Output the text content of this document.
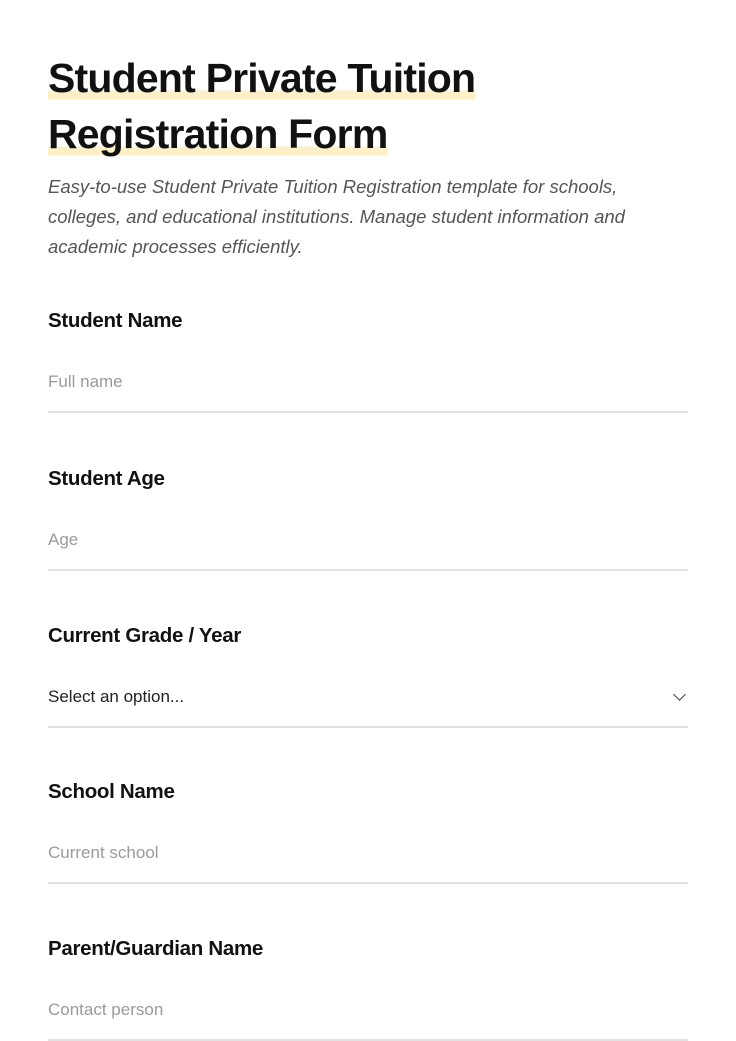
Student Private Tuition
Registration Form

Easy-to-use Student Private Tuition Registration template for schools, colleges, and educational institutions. Manage student information and academic processes efficiently.

Student Name
Full name
Student Age
Age
Current Grade / Year
Select an option...
School Name
Current school
Parent/Guardian Name
Contact person
